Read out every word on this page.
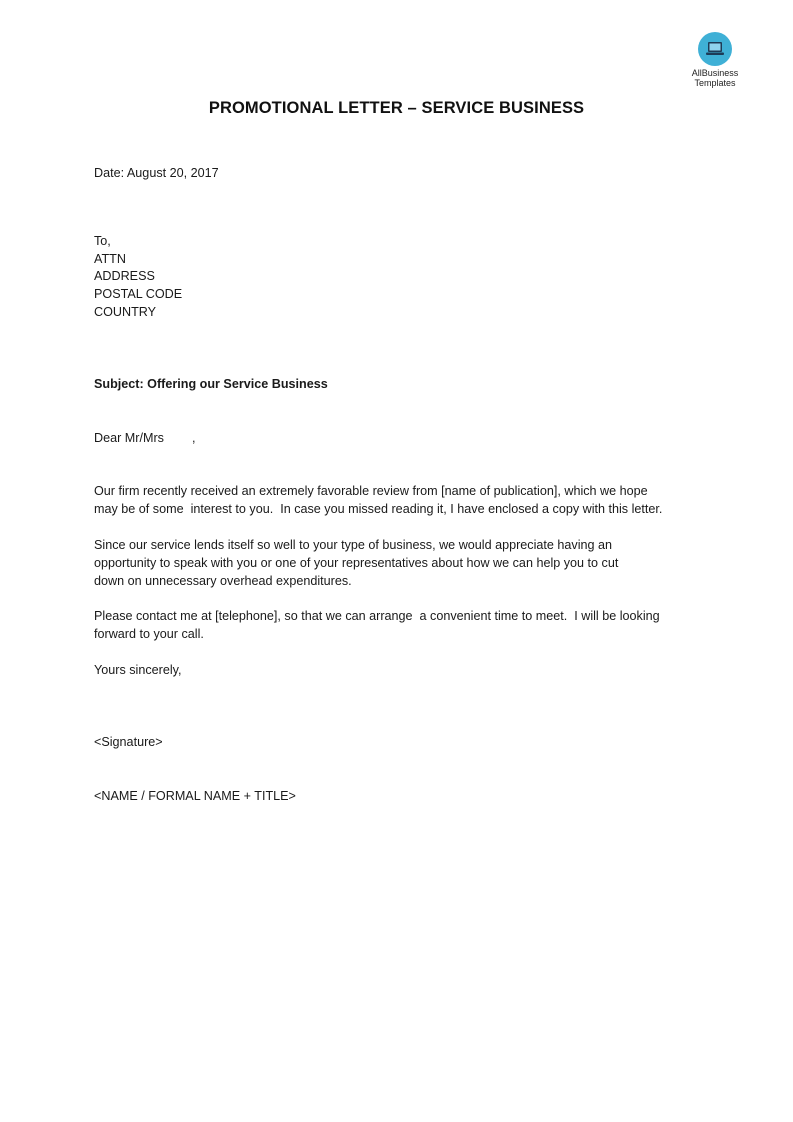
AllBusiness
Templates
PROMOTIONAL LETTER – SERVICE BUSINESS
Date: August 20, 2017
To,
ATTN
ADDRESS
POSTAL CODE
COUNTRY
Subject: Offering our Service Business
Dear Mr/Mrs        ,
Our firm recently received an extremely favorable review from [name of publication], which we hope
may be of some  interest to you.  In case you missed reading it, I have enclosed a copy with this letter.
Since our service lends itself so well to your type of business, we would appreciate having an
opportunity to speak with you or one of your representatives about how we can help you to cut
down on unnecessary overhead expenditures.
Please contact me at [telephone], so that we can arrange  a convenient time to meet.  I will be looking
forward to your call.
Yours sincerely,
<Signature>
<NAME / FORMAL NAME + TITLE>
